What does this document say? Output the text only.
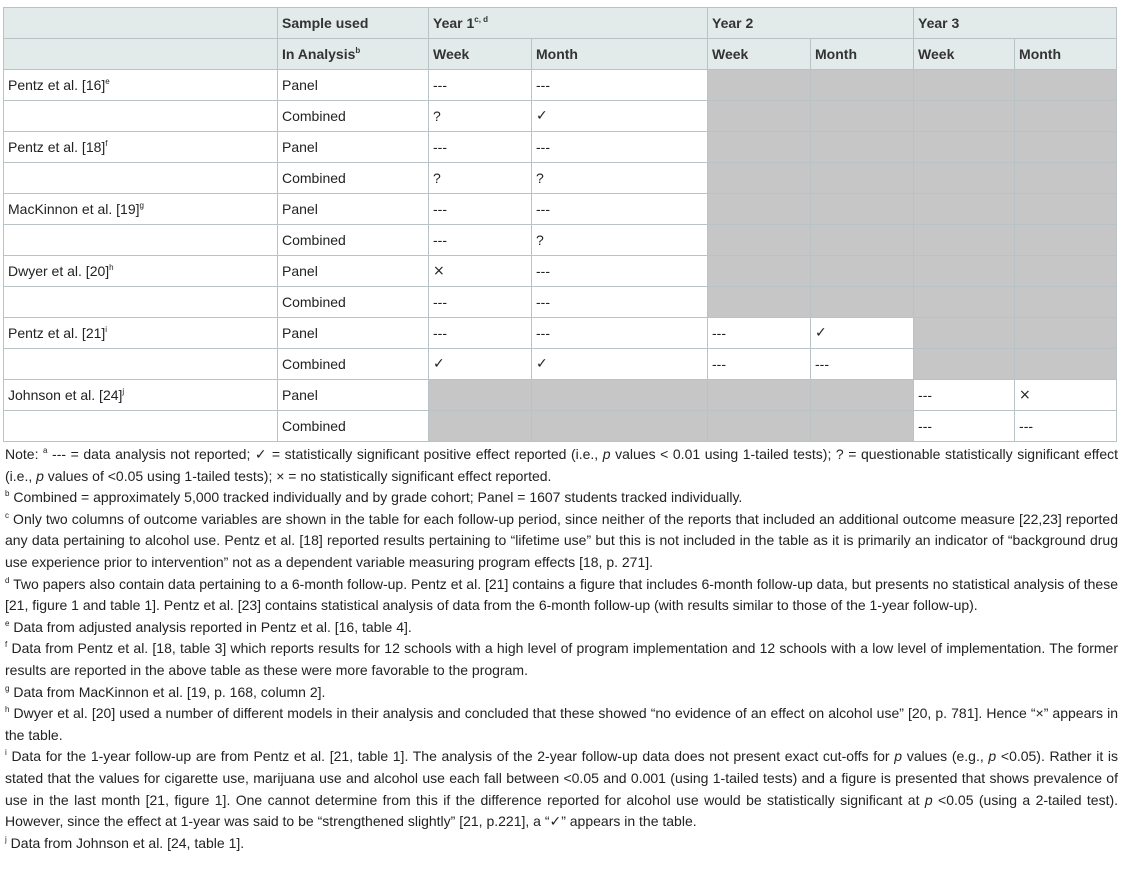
	Sample used	Year 1$^{c, d}$		Year 2		Year 3	
	In Analysis$^b$	Week	Month	Week	Month	Week	Month
Pentz et al. $[16]^e$	Panel	---	---				
	Combined	?	✓				
Pentz et al. $[18]^f$	Panel	---	---				
	Combined	?	?				
MacKinnon et al. $[19]^g$	Panel	---	---				
	Combined	---	?				
Dwyer et al. $[20]^h$	Panel	×	---				
	Combined	---	---				
Pentz et al. $[21]^i$	Panel	---	---	---	✓		
	Combined	✓	✓	---	---		
Johnson et al. $[24]^j$	Panel					---	×
	Combined					---	---

Note: $^a$ --- = data analysis not reported; ✓ = statistically significant positive effect reported (i.e., p values < 0.01 using 1-tailed tests); ? = questionable statistically significant effect (i.e., p values of <0.05 using 1-tailed tests); × = no statistically significant effect reported.

$^b$ Combined = approximately 5,000 tracked individually and by grade cohort; Panel = 1607 students tracked individually.

$^c$ Only two columns of outcome variables are shown in the table for each follow-up period, since neither of the reports that included an additional outcome measure [22,23] reported any data pertaining to alcohol use. Pentz et al. [18] reported results pertaining to “lifetime use” but this is not included in the table as it is primarily an indicator of “background drug use experience prior to intervention” not as a dependent variable measuring program effects [18, p. 271].

$^d$ Two papers also contain data pertaining to a 6-month follow-up. Pentz et al. [21] contains a figure that includes 6-month follow-up data, but presents no statistical analysis of these [21, figure 1 and table 1]. Pentz et al. [23] contains statistical analysis of data from the 6-month follow-up (with results similar to those of the 1-year follow-up).

$^e$ Data from adjusted analysis reported in Pentz et al. [16, table 4].

$^f$ Data from Pentz et al. [18, table 3] which reports results for 12 schools with a high level of program implementation and 12 schools with a low level of implementation. The former results are reported in the above table as these were more favorable to the program.

$^g$ Data from MacKinnon et al. [19, p. 168, column 2].

$^h$ Dwyer et al. [20] used a number of different models in their analysis and concluded that these showed “no evidence of an effect on alcohol use” [20, p. 781]. Hence “×” appears in the table.

$^i$ Data for the 1-year follow-up are from Pentz et al. [21, table 1]. The analysis of the 2-year follow-up data does not present exact cut-offs for p values (e.g., p <0.05). Rather it is stated that the values for cigarette use, marijuana use and alcohol use each fall between <0.05 and 0.001 (using 1-tailed tests) and a figure is presented that shows prevalence of use in the last month [21, figure 1]. One cannot determine from this if the difference reported for alcohol use would be statistically significant at p <0.05 (using a 2-tailed test). However, since the effect at 1-year was said to be “strengthened slightly” [21, p.221], a “✓” appears in the table.

$^j$ Data from Johnson et al. [24, table 1].
